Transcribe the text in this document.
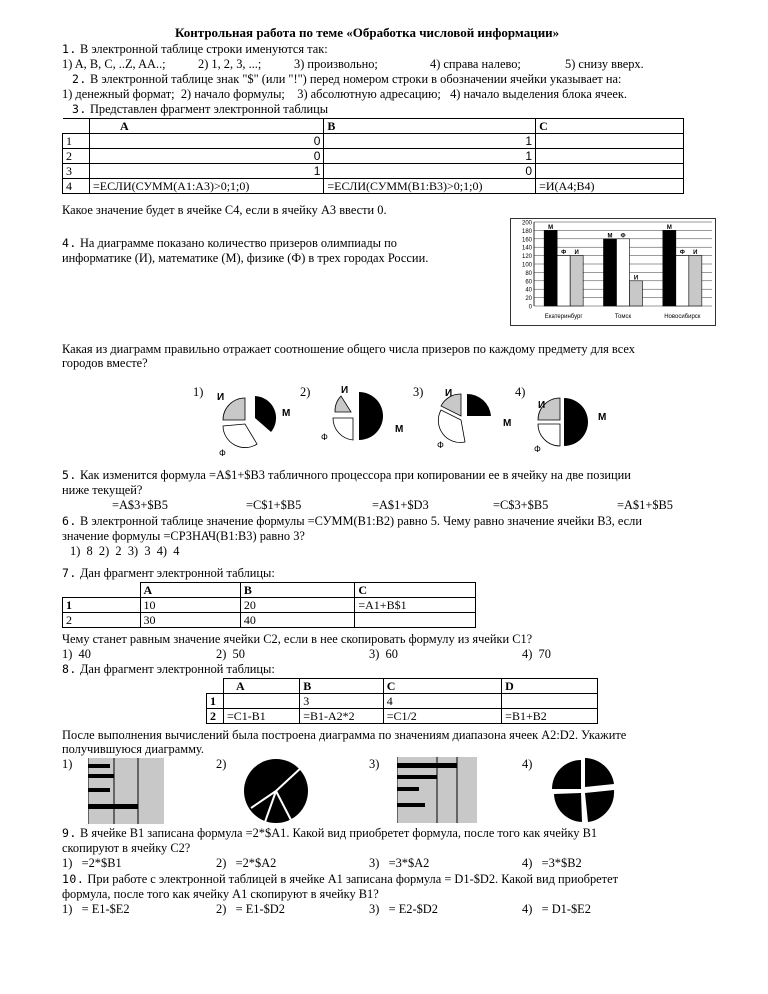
Контрольная работа по теме «Обработка числовой информации»
1. В электронной таблице строки именуются так:
1) A, B, C, ..Z, AA..;	2) 1, 2, 3, ...;	3) произвольно;	4) справа налево;	5) снизу вверх.
2. В электронной таблице знак "$" (или "!") перед номером строки в обозначении ячейки указывает на:
1) денежный формат;  2) начало формулы;    3) абсолютную адресацию;   4) начало выделения блока ячеек.
3. Представлен фрагмент электронной таблицы
	A	B	C
1	0	1	
2	0	1	
3	1	0	
4	=ЕСЛИ(СУММ(A1:A3)>0;1;0)	=ЕСЛИ(СУММ(B1:B3)>0;1;0)	=И(A4;B4)
Какое значение будет в ячейке C4, если в ячейку A3 ввести 0.
4. На диаграмме показано количество призеров олимпиады по
информатике (И), математике (М), физике (Ф) в трех городах России.
200
180
160
140
120
100
80
60
40
20
0
М
Ф И
Екатеринбург
М Ф
И
Томск
М
Ф И
Новосибирск
Какая из диаграмм правильно отражает соотношение общего числа призеров по каждому предмету для всех
городов вместе?
1)	2)	3)	4)
И
М
Ф
И
М
Ф
И
М
Ф
И
М
Ф
5. Как изменится формула =A$1+$B3 табличного процессора при копировании ее в ячейку на две позиции
ниже текущей?
=A$3+$B5	=C$1+$B5	=A$1+$D3	=C$3+$B5	=A$1+$B5
6. В электронной таблице значение формулы =СУММ(B1:B2) равно 5. Чему равно значение ячейки B3, если
значение формулы =СРЗНАЧ(B1:B3) равно 3?
1)  8  2)  2  3)  3  4)  4
7. Дан фрагмент электронной таблицы:
	A	B	C
1	10	20	=A1+B$1
2	30	40	
Чему станет равным значение ячейки C2, если в нее скопировать формулу из ячейки C1?
1)  40	2)  50	3)  60	4)  70
8. Дан фрагмент электронной таблицы:
	A	B	C	D
1		3	4	
2	=C1-B1	=B1-A2*2	=C1/2	=B1+B2
После выполнения вычислений была построена диаграмма по значениям диапазона ячеек A2:D2. Укажите
получившуюся диаграмму.
1)	2)	3)	4)
9. В ячейке B1 записана формула =2*$A1. Какой вид приобретет формула, после того как ячейку B1
скопируют в ячейку C2?
1)   =2*$B1	2)   =2*$A2	3)   =3*$A2	4)   =3*$B2
10. При работе с электронной таблицей в ячейке A1 записана формула = D1-$D2. Какой вид приобретет
формула, после того как ячейку A1 скопируют в ячейку B1?
1)   = E1-$E2	2)   = E1-$D2	3)   = E2-$D2	4)   = D1-$E2
